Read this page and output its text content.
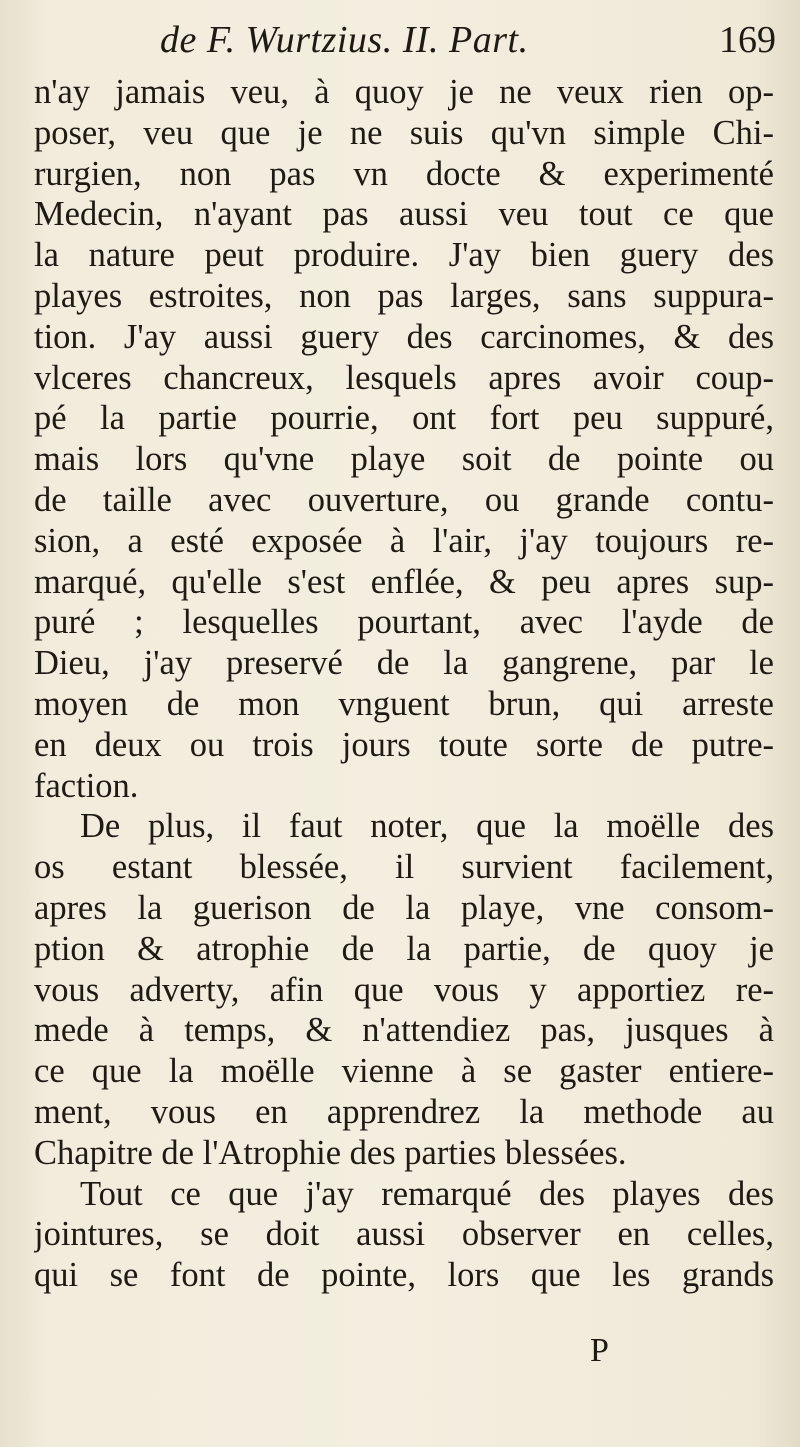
de F. Wurtzius. II. Part.	169
n'ay jamais veu, à quoy je ne veux rien op-
poser, veu que je ne suis qu'vn simple Chi-
rurgien, non pas vn docte & experimenté
Medecin, n'ayant pas aussi veu tout ce que
la nature peut produire. J'ay bien guery des
playes estroites, non pas larges, sans suppura-
tion. J'ay aussi guery des carcinomes, & des
vlceres chancreux, lesquels apres avoir coup-
pé la partie pourrie, ont fort peu suppuré,
mais lors qu'vne playe soit de pointe ou
de taille avec ouverture, ou grande contu-
sion, a esté exposée à l'air, j'ay toujours re-
marqué, qu'elle s'est enflée, & peu apres sup-
puré ; lesquelles pourtant, avec l'ayde de
Dieu, j'ay preservé de la gangrene, par le
moyen de mon vnguent brun, qui arreste
en deux ou trois jours toute sorte de putre-
faction.
De plus, il faut noter, que la moëlle des
os estant blessée, il survient facilement,
apres la guerison de la playe, vne consom-
ption & atrophie de la partie, de quoy je
vous adverty, afin que vous y apportiez re-
mede à temps, & n'attendiez pas, jusques à
ce que la moëlle vienne à se gaster entiere-
ment, vous en apprendrez la methode au
Chapitre de l'Atrophie des parties blessées.
Tout ce que j'ay remarqué des playes des
jointures, se doit aussi observer en celles,
qui se font de pointe, lors que les grands
P
